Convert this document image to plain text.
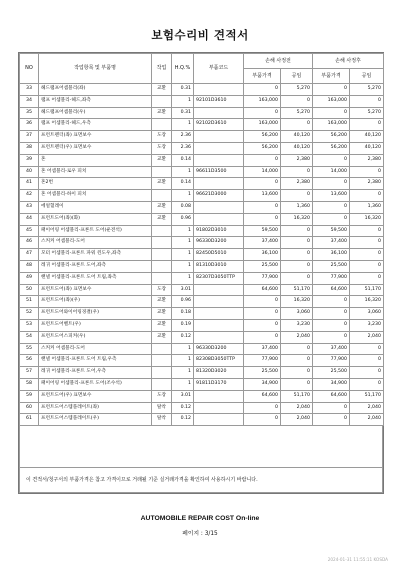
보험수리비 견적서
NO	작업항목 및 부품명	작업	H.Q.%	부품코드	손해 사정전		손해 사정후	
					부품가격	공임	부품가격	공임
33	헤드램프어셈블리(좌)	교환	0.31		0	5,270	0	5,270
34	램프 어셈블리-헤드,좌측		1	92101D3610	163,000	0	163,000	0
35	헤드램프어셈블리(우)	교환	0.31		0	5,270	0	5,270
36	램프 어셈블리-헤드,우측		1	92102D3610	163,000	0	163,000	0
37	프런트펜더(좌) 표면보수	도장	2.36		56,200	40,120	56,200	40,120
38	프런트펜더(우) 표면보수	도장	2.36		56,200	40,120	56,200	40,120
39	혼	교환	0.14		0	2,380	0	2,380
40	혼 어셈블리-로우 피치		1	96611D3500	14,000	0	14,000	0
41	혼2번	교환	0.14		0	2,380	0	2,380
42	혼 어셈블리-하이 피치		1	96621D3000	13,600	0	13,600	0
43	에얼혈레이	교환	0.08		0	1,360	0	1,360
44	프런트도어(좌)(화)	교환	0.96		0	16,320	0	16,320
45	패이어링 어셈블리-프론트 도어(운전석)		1	91802D3010	59,500	0	59,500	0
46	스커커 어셈블리-도어		1	96330D3200	37,400	0	37,400	0
47	모터 어셈블리-프론트 파워 윈도우,좌측		1	82450D5010	36,100	0	36,100	0
48	레귀 어셈블리-프론트 도어,좌측		1	81310D3010	25,500	0	25,500	0
49	핸넬 어셈블리-프론트 도어 트림,좌측		1	82307D3050TTP	77,900	0	77,900	0
50	프런트도어(좌) 표면보수	도장	3.01		64,600	51,170	64,600	51,170
51	프런트도어(좌)(우)	교환	0.96		0	16,320	0	16,320
52	프런트도어와이어링경결(우)	교환	0.18		0	3,060	0	3,060
53	프런트도어벨트(우)	교환	0.19		0	3,230	0	3,230
54	프런트도어스피커(우)	교환	0.12		0	2,040	0	2,040
55	스커커 어셈블리-도어		1	96330D3200	37,400	0	37,400	0
56	핸넬 어셈블리-프론트 도어 트림,우측		1	82308D3050TTP	77,900	0	77,900	0
57	레귀 어셈블리-프론트 도어,우측		1	81320D3020	25,500	0	25,500	0
58	패이어링 어셈블리-프론트 도어(조수석)		1	91811D3170	34,900	0	34,900	0
59	프런트도어(우) 표면보수	도장	3.01		64,600	51,170	64,600	51,170
60	프런트도어스텝플레이트(좌)	탈착	0.12		0	2,040	0	2,040
61	프런트도어스텝플레이트(우)	탈착	0.12		0	2,040	0	2,040
이 견적서/청구서의 부품가격은 참고 가격이므로 거래될 기준 실거래가격을 확인하여 사용하시기 바랍니다.
AUTOMOBILE REPAIR COST On-line
페이지 : 3/15
2024-01-31 11:55:11 KOSDA
